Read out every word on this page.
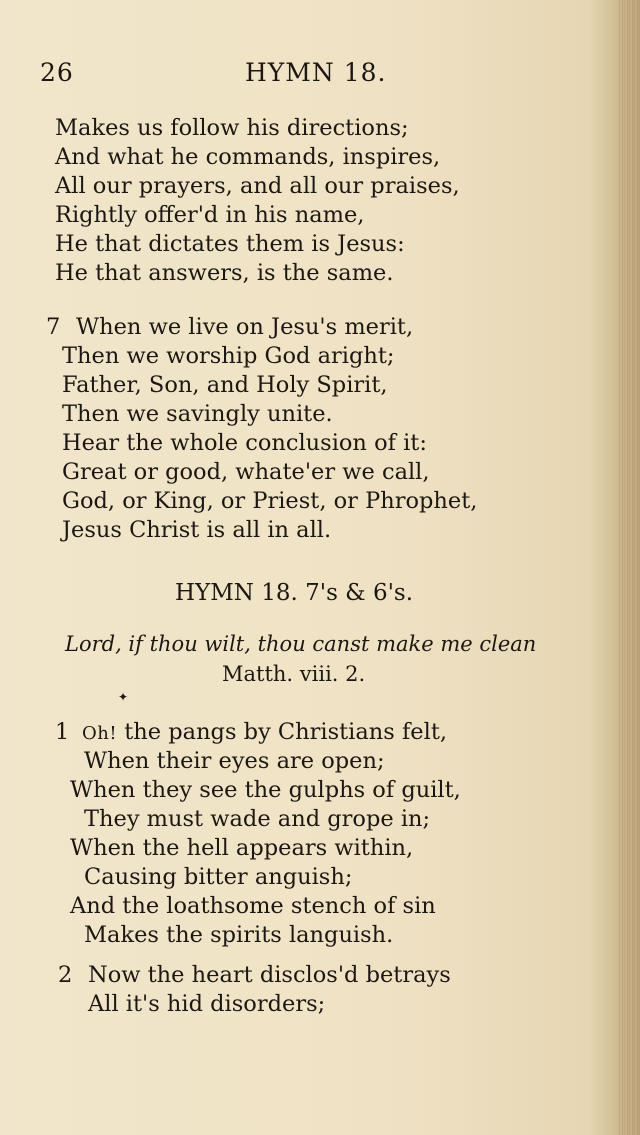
26	HYMN 18.
Makes us follow his directions;
And what he commands, inspires,
All our prayers, and all our praises,
Rightly offer'd in his name,
He that dictates them is Jesus:
He that answers, is the same.
7 When we live on Jesu's merit,
Then we worship God aright;
Father, Son, and Holy Spirit,
Then we savingly unite.
Hear the whole conclusion of it:
Great or good, whate'er we call,
God, or King, or Priest, or Phrophet,
Jesus Christ is all in all.
HYMN 18. 7's & 6's.
Lord, if thou wilt, thou canst make me clean
Matth. viii. 2.
✦
1 Oh! the pangs by Christians felt,
When their eyes are open;
When they see the gulphs of guilt,
They must wade and grope in;
When the hell appears within,
Causing bitter anguish;
And the loathsome stench of sin
Makes the spirits languish.
2 Now the heart disclos'd betrays
All it's hid disorders;
